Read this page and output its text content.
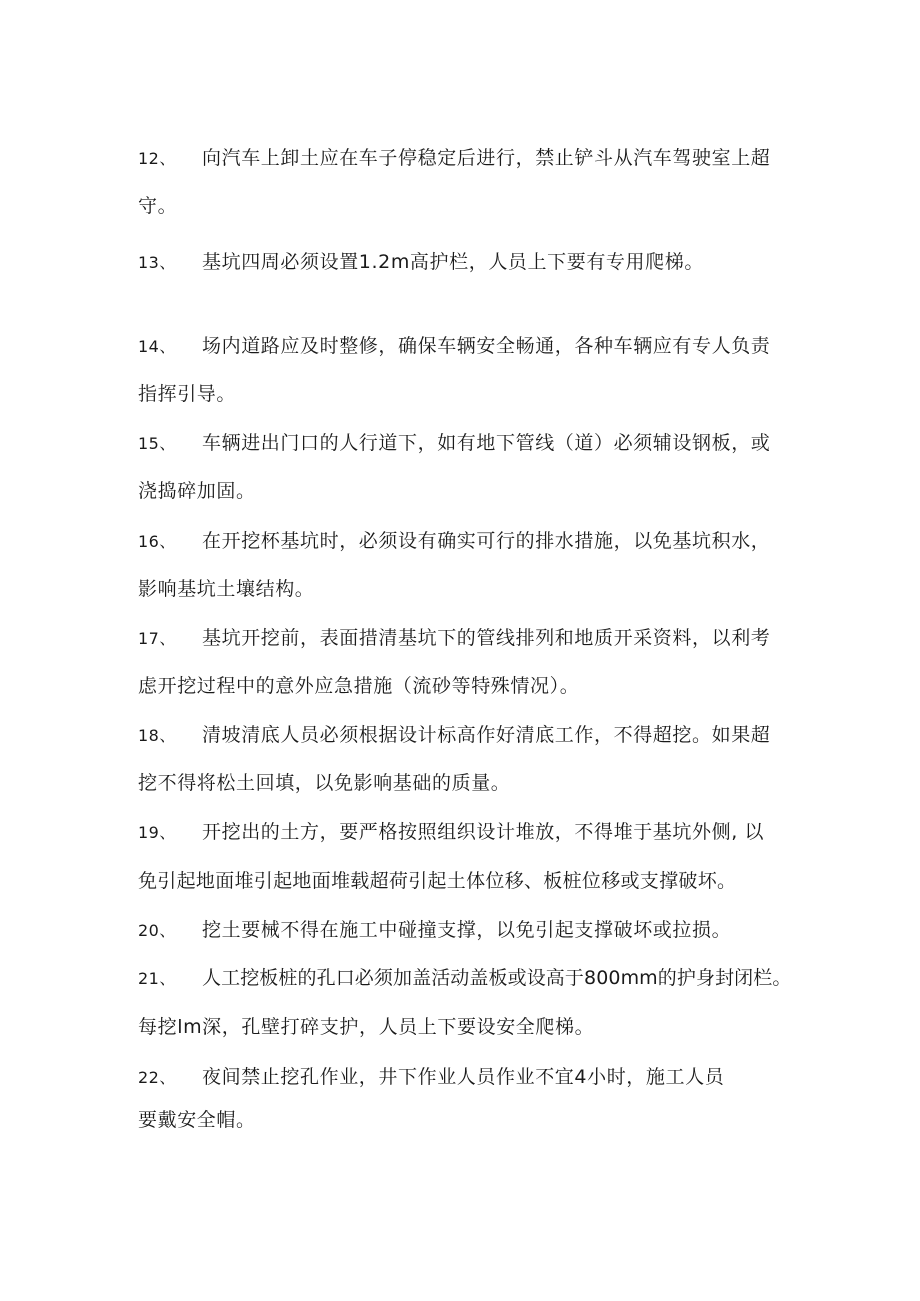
12、 向汽车上卸土应在车子停稳定后进行，禁止铲斗从汽车驾驶室上超
守。
13、 基坑四周必须设置1.2m高护栏，人员上下要有专用爬梯。
14、 场内道路应及时整修，确保车辆安全畅通，各种车辆应有专人负责
指挥引导。
15、 车辆进出门口的人行道下，如有地下管线（道）必须辅设钢板，或
浇捣碎加固。
16、 在开挖杯基坑时，必须设有确实可行的排水措施，以免基坑积水，
影响基坑土壤结构。
17、 基坑开挖前，表面措清基坑下的管线排列和地质开采资料，以利考
虑开挖过程中的意外应急措施（流砂等特殊情况）。
18、 清坡清底人员必须根据设计标高作好清底工作，不得超挖。如果超
挖不得将松土回填，以免影响基础的质量。
19、 开挖出的土方，要严格按照组织设计堆放，不得堆于基坑外侧, 以
免引起地面堆引起地面堆载超荷引起土体位移、板桩位移或支撑破坏。
20、 挖土要械不得在施工中碰撞支撑，以免引起支撑破坏或拉损。
21、 人工挖板桩的孔口必须加盖活动盖板或设高于800mm的护身封闭栏。
每挖lm深，孔壁打碎支护，人员上下要设安全爬梯。
22、 夜间禁止挖孔作业，井下作业人员作业不宜4小时，施工人员
要戴安全帽。
